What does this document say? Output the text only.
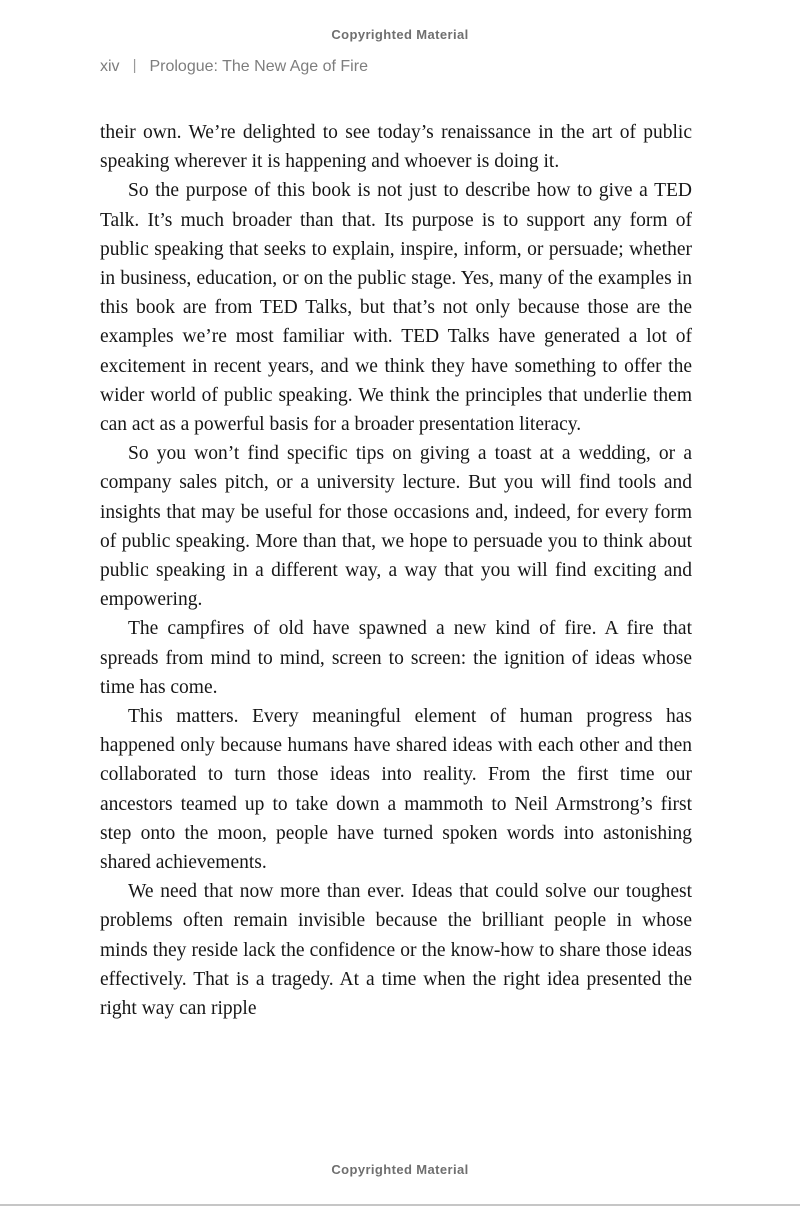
Copyrighted Material
xiv | Prologue: The New Age of Fire

their own. We’re delighted to see today’s renaissance in the art of public speaking wherever it is happening and whoever is doing it.

So the purpose of this book is not just to describe how to give a TED Talk. It’s much broader than that. Its purpose is to support any form of public speaking that seeks to explain, inspire, inform, or persuade; whether in business, education, or on the public stage. Yes, many of the examples in this book are from TED Talks, but that’s not only because those are the examples we’re most familiar with. TED Talks have generated a lot of excitement in recent years, and we think they have something to offer the wider world of public speaking. We think the principles that underlie them can act as a powerful basis for a broader presentation literacy.

So you won’t find specific tips on giving a toast at a wedding, or a company sales pitch, or a university lecture. But you will find tools and insights that may be useful for those occasions and, indeed, for every form of public speaking. More than that, we hope to persuade you to think about public speaking in a different way, a way that you will find exciting and empowering.

The campfires of old have spawned a new kind of fire. A fire that spreads from mind to mind, screen to screen: the ignition of ideas whose time has come.

This matters. Every meaningful element of human progress has happened only because humans have shared ideas with each other and then collaborated to turn those ideas into reality. From the first time our ancestors teamed up to take down a mammoth to Neil Armstrong’s first step onto the moon, people have turned spoken words into astonishing shared achievements.

We need that now more than ever. Ideas that could solve our toughest problems often remain invisible because the brilliant people in whose minds they reside lack the confidence or the know-how to share those ideas effectively. That is a tragedy. At a time when the right idea presented the right way can ripple

Copyrighted Material
